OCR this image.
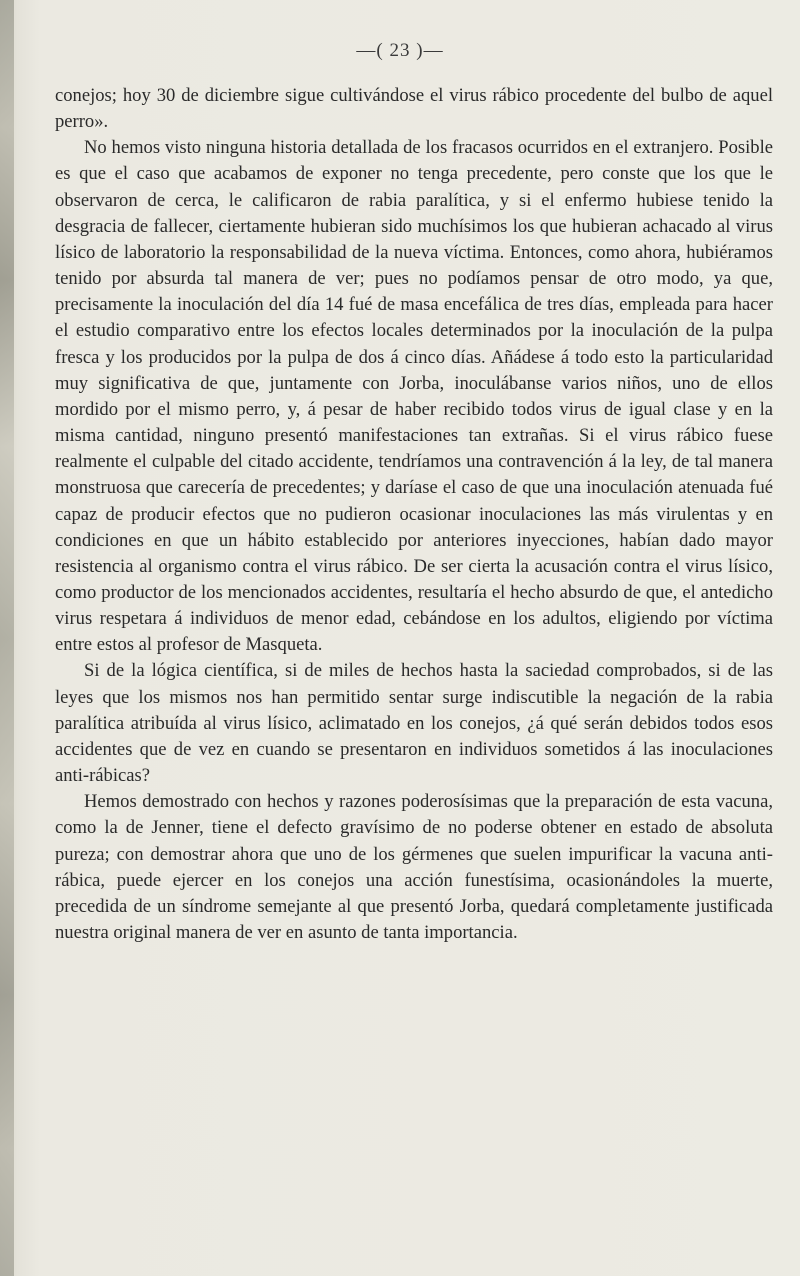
—( 23 )—

conejos; hoy 30 de diciembre sigue cultivándose el virus rábico procedente del bulbo de aquel perro».

No hemos visto ninguna historia detallada de los fracasos ocurridos en el extranjero. Posible es que el caso que acabamos de exponer no tenga precedente, pero conste que los que le observaron de cerca, le calificaron de rabia paralítica, y si el enfermo hubiese tenido la desgracia de fallecer, ciertamente hubieran sido muchísimos los que hubieran achacado al virus lísico de laboratorio la responsabilidad de la nueva víctima. Entonces, como ahora, hubiéramos tenido por absurda tal manera de ver; pues no podíamos pensar de otro modo, ya que, precisamente la inoculación del día 14 fué de masa encefálica de tres días, empleada para hacer el estudio comparativo entre los efectos locales determinados por la inoculación de la pulpa fresca y los producidos por la pulpa de dos á cinco días. Añádese á todo esto la particularidad muy significativa de que, juntamente con Jorba, inoculábanse varios niños, uno de ellos mordido por el mismo perro, y, á pesar de haber recibido todos virus de igual clase y en la misma cantidad, ninguno presentó manifestaciones tan extrañas. Si el virus rábico fuese realmente el culpable del citado accidente, tendríamos una contravención á la ley, de tal manera monstruosa que carecería de precedentes; y daríase el caso de que una inoculación atenuada fué capaz de producir efectos que no pudieron ocasionar inoculaciones las más virulentas y en condiciones en que un hábito establecido por anteriores inyecciones, habían dado mayor resistencia al organismo contra el virus rábico. De ser cierta la acusación contra el virus lísico, como productor de los mencionados accidentes, resultaría el hecho absurdo de que, el antedicho virus respetara á individuos de menor edad, cebándose en los adultos, eligiendo por víctima entre estos al profesor de Masqueta.

Si de la lógica científica, si de miles de hechos hasta la saciedad comprobados, si de las leyes que los mismos nos han permitido sentar surge indiscutible la negación de la rabia paralítica atribuída al virus lísico, aclimatado en los conejos, ¿á qué serán debidos todos esos accidentes que de vez en cuando se presentaron en individuos sometidos á las inoculaciones anti-rábicas?

Hemos demostrado con hechos y razones poderosísimas que la preparación de esta vacuna, como la de Jenner, tiene el defecto gravísimo de no poderse obtener en estado de absoluta pureza; con demostrar ahora que uno de los gérmenes que suelen impurificar la vacuna anti-rábica, puede ejercer en los conejos una acción funestísima, ocasionándoles la muerte, precedida de un síndrome semejante al que presentó Jorba, quedará completamente justificada nuestra original manera de ver en asunto de tanta importancia.
